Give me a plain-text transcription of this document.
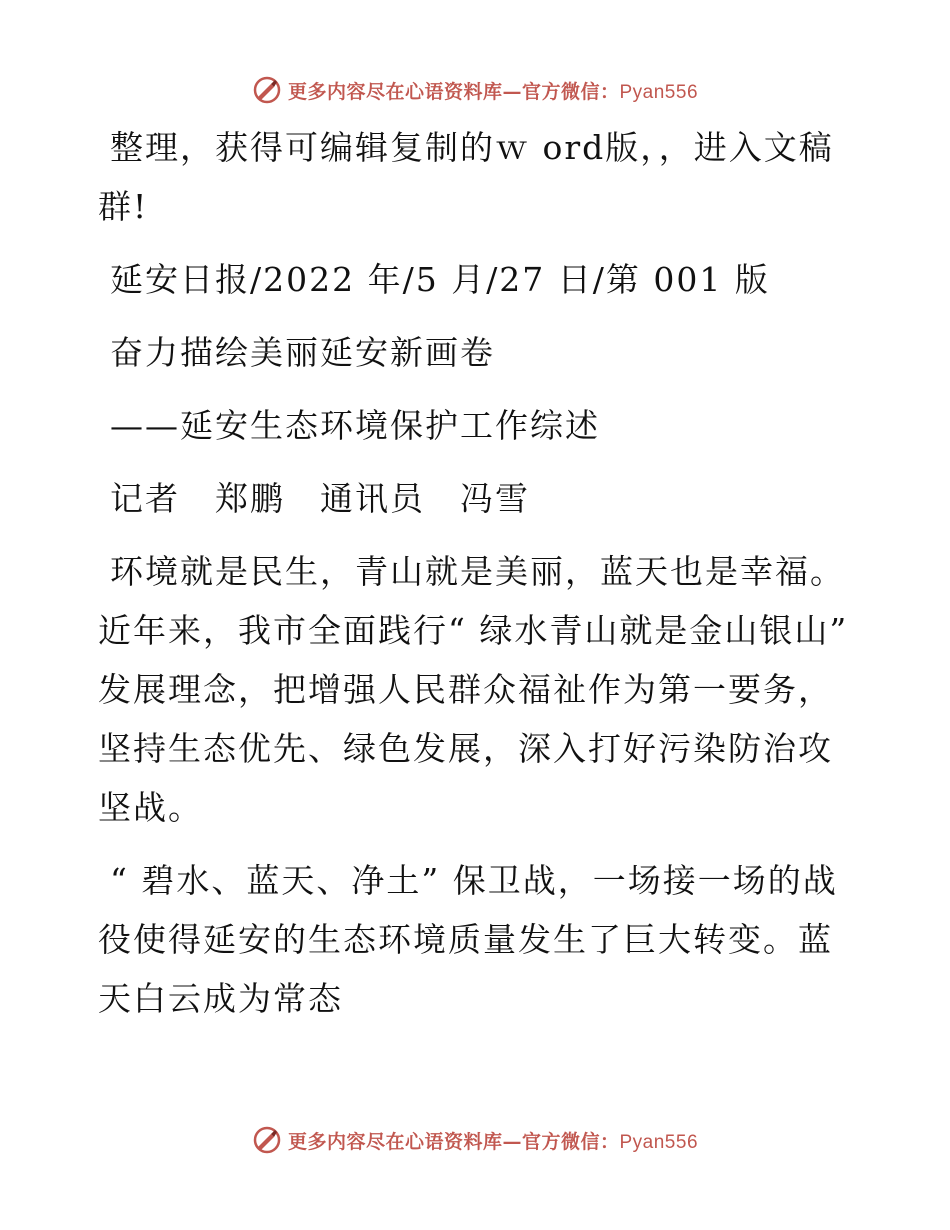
更多内容尽在心语资料库—官方微信：Pyan556

整理，获得可编辑复制的ｗ ord版，，进入文稿群!

延安日报/2022 年/5 月/27 日/第 001 版

奋力描绘美丽延安新画卷

——延安生态环境保护工作综述

记者　郑鹏　通讯员　冯雪

环境就是民生，青山就是美丽，蓝天也是幸福。近年来，我市全面践行“ 绿水青山就是金山银山” 发展理念，把增强人民群众福祉作为第一要务，坚持生态优先、绿色发展，深入打好污染防治攻坚战。

“ 碧水、蓝天、净土” 保卫战，一场接一场的战役使得延安的生态环境质量发生了巨大转变。蓝天白云成为常态

更多内容尽在心语资料库—官方微信：Pyan556
